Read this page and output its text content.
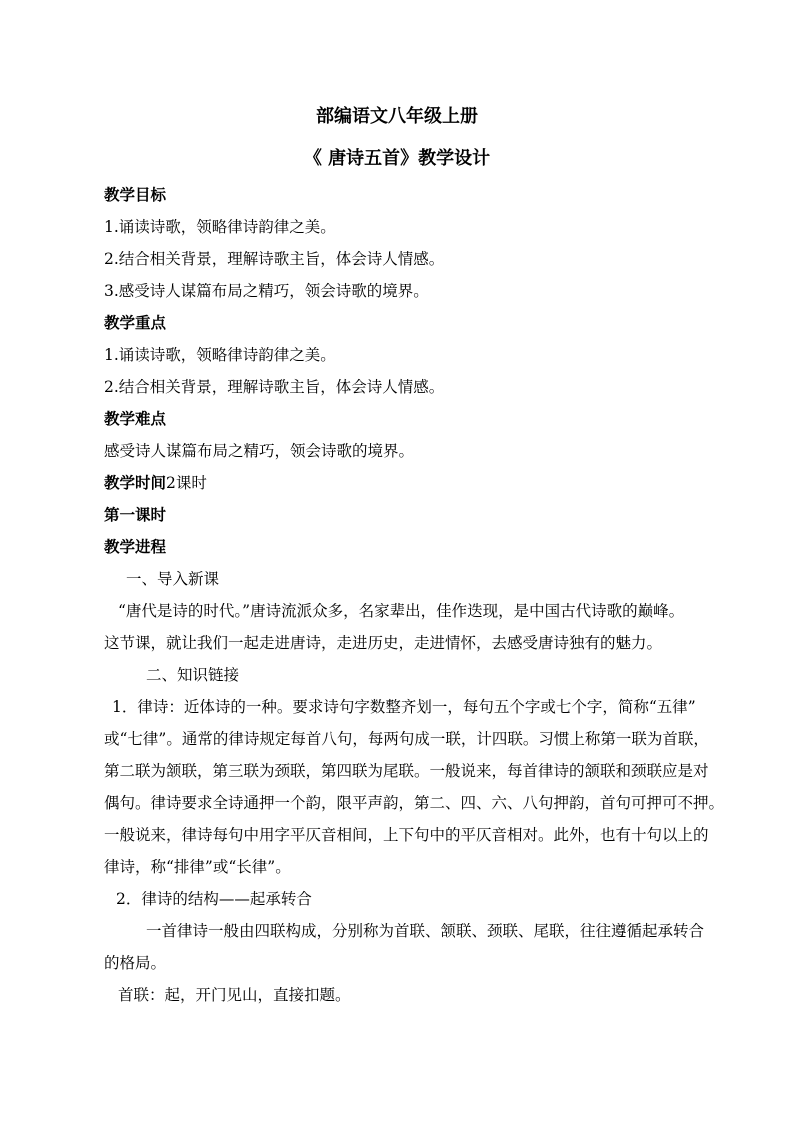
部编语文八年级上册
《 唐诗五首》教学设计
教学目标
1.诵读诗歌，领略律诗韵律之美。
2.结合相关背景，理解诗歌主旨，体会诗人情感。
3.感受诗人谋篇布局之精巧，领会诗歌的境界。
教学重点
1.诵读诗歌，领略律诗韵律之美。
2.结合相关背景，理解诗歌主旨，体会诗人情感。
教学难点
感受诗人谋篇布局之精巧，领会诗歌的境界。
教学时间2课时
第一课时
教学进程
一、导入新课
“唐代是诗的时代。”唐诗流派众多，名家辈出，佳作迭现，是中国古代诗歌的巅峰。
这节课，就让我们一起走进唐诗，走进历史，走进情怀，去感受唐诗独有的魅力。
二、知识链接
1．律诗：近体诗的一种。要求诗句字数整齐划一，每句五个字或七个字，简称“五律”
或“七律”。通常的律诗规定每首八句，每两句成一联，计四联。习惯上称第一联为首联，
第二联为颔联，第三联为颈联，第四联为尾联。一般说来，每首律诗的颔联和颈联应是对
偶句。律诗要求全诗通押一个韵，限平声韵，第二、四、六、八句押韵，首句可押可不押。
一般说来，律诗每句中用字平仄音相间，上下句中的平仄音相对。此外，也有十句以上的
律诗，称“排律”或“长律”。
2．律诗的结构——起承转合
一首律诗一般由四联构成，分别称为首联、颔联、颈联、尾联，往往遵循起承转合
的格局。
首联：起，开门见山，直接扣题。
